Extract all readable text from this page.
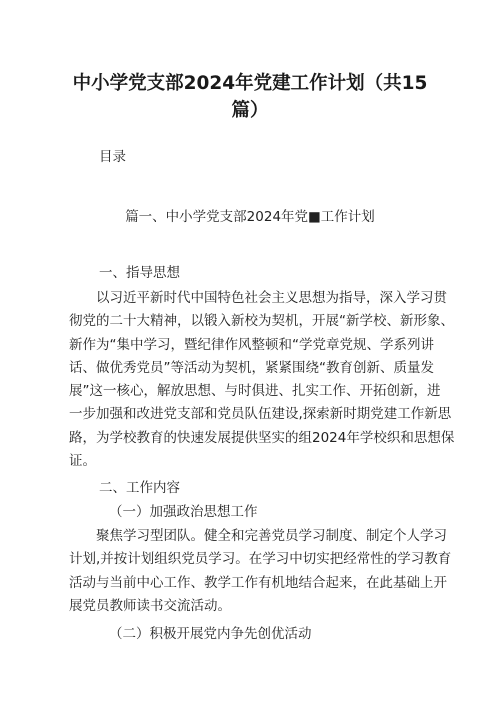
中小学党支部2024年党建工作计划（共15
篇）

目录

篇一、中小学党支部2024年党■工作计划

一、指导思想

以习近平新时代中国特色社会主义思想为指导，深入学习贯
彻党的二十大精神，以锻入新校为契机，开展“新学校、新形象、
新作为“集中学习，暨纪律作风整顿和“学党章党规、学系列讲
话、做优秀党员”等活动为契机，紧紧围绕“教育创新、质量发
展”这一核心，解放思想、与时俱进、扎实工作、开拓创新，进
一步加强和改进党支部和党员队伍建设,探索新时期党建工作新思
路，为学校教育的快速发展提供坚实的组2024年学校织和思想保
证。

二、工作内容

（一）加强政治思想工作

聚焦学习型团队。健全和完善党员学习制度、制定个人学习
计划,并按计划组织党员学习。在学习中切实把经常性的学习教育
活动与当前中心工作、教学工作有机地结合起来，在此基础上开
展党员教师读书交流活动。

（二）积极开展党内争先创优活动
